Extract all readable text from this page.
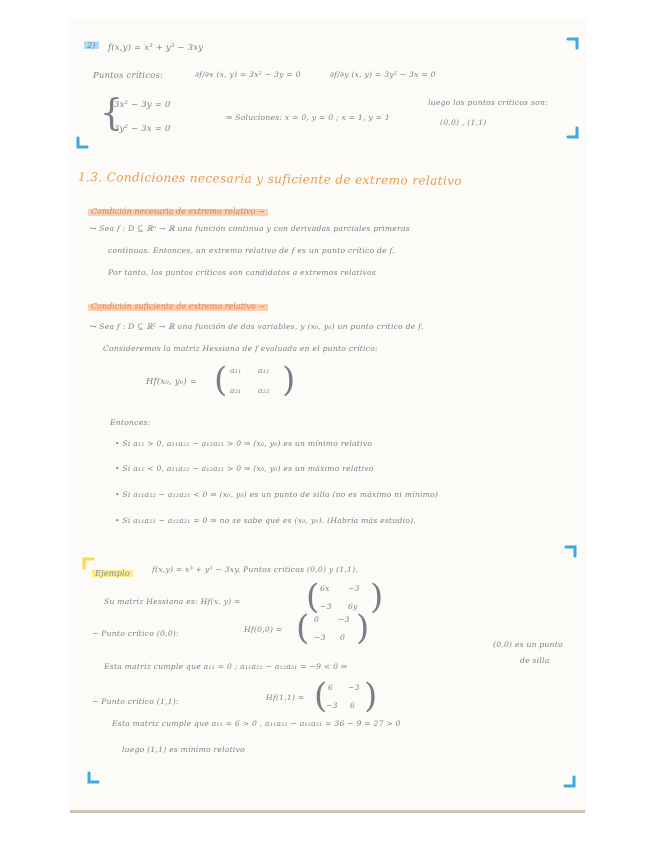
2)	f(x,y) = x³ + y³ − 3xy
Puntos críticos:	∂f/∂x (x, y) = 3x² − 3y = 0	∂f/∂y (x, y) = 3y² − 3x = 0
{
3x² − 3y = 0
3y² − 3x = 0
⇒ Soluciones: x = 0, y = 0 ; x = 1, y = 1
luego los puntos críticos son:
(0,0) , (1,1)
1.3. Condiciones necesaria y suficiente de extremo relativo
Condición necesaria de extremo relativo →
↪ Sea f : D ⊆ ℝⁿ → ℝ una función continua y con derivadas parciales primeras
continuas. Entonces, un extremo relativo de f es un punto crítico de f.
Por tanto, los puntos críticos son candidatos a extremos relativos
Condición suficiente de extremo relativo →
↪ Sea f : D ⊆ ℝ² → ℝ una función de dos variables, y (x₀, y₀) un punto crítico de f.
Consideremos la matriz Hessiana de f evaluada en el punto crítico:
Hf(x₀, y₀) = ( a₁₁ a₁₂
a₂₁ a₂₂ )
Entonces:
• Si a₁₁ > 0, a₁₁a₂₂ − a₁₂a₂₁ > 0 ⇒ (x₀, y₀) es un mínimo relativo
• Si a₁₁ < 0, a₁₁a₂₂ − a₁₂a₂₁ > 0 ⇒ (x₀, y₀) es un máximo relativo
• Si a₁₁a₂₂ − a₁₂a₂₁ < 0 ⇒ (x₀, y₀) es un punto de silla (no es máximo ni mínimo)
• Si a₁₁a₂₂ − a₁₂a₂₁ = 0 ⇒ no se sabe qué es (x₀, y₀). (Habría más estudio).
Ejemplo	f(x,y) = x³ + y³ − 3xy. Puntos críticos (0,0) y (1,1).
Su matriz Hessiana es: Hf(x, y) = ( 6x −3
−3 6y )
− Punto crítico (0,0):	Hf(0,0) = ( 0 −3
−3 0 )
Esta matriz cumple que a₁₁ = 0 ; a₁₁a₂₂ − a₁₂a₂₁ = −9 < 0 ⇒
(0,0) es un punto
de silla
− Punto crítico (1,1):	Hf(1,1) = ( 6 −3
−3 6 )
Esta matriz cumple que a₁₁ = 6 > 0 , a₁₁a₂₂ − a₁₂a₂₁ = 36 − 9 = 27 > 0
luego (1,1) es mínimo relativo
